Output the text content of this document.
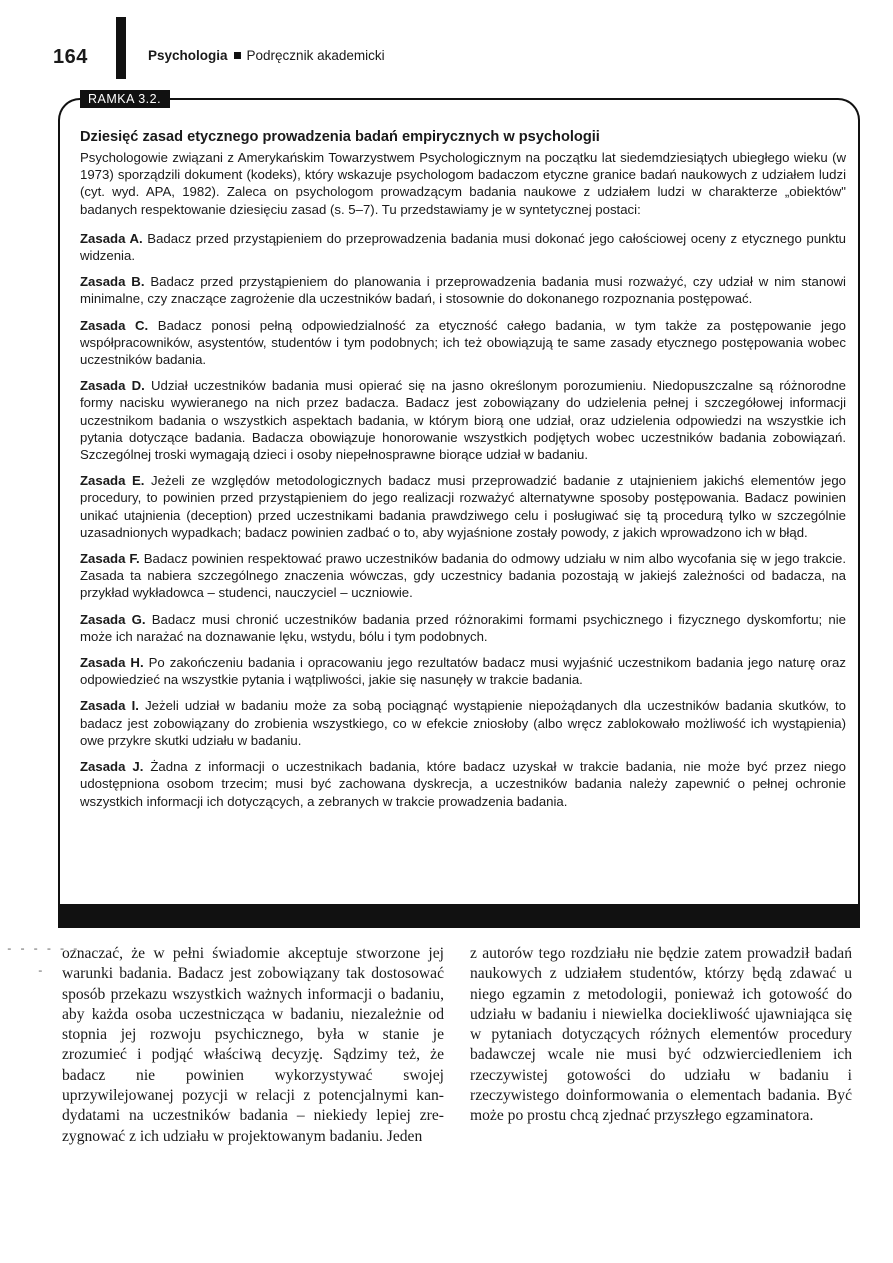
164	Psychologia Podręcznik akademicki
RAMKA 3.2.
Dziesięć zasad etycznego prowadzenia badań empirycznych w psychologii
Psychologowie związani z Amerykańskim Towarzystwem Psychologicznym na początku lat siedemdziesiątych ubiegłego wieku (w 1973) sporządzili dokument (kodeks), który wskazuje psychologom badaczom etyczne granice badań naukowych z udziałem ludzi (cyt. wyd. APA, 1982). Zaleca on psychologom prowadzącym badania naukowe z udziałem ludzi w charakterze „obiektów" badanych respektowanie dziesięciu zasad (s. 5–7). Tu przedstawiamy je w syntetycznej postaci:
Zasada A. Badacz przed przystąpieniem do przeprowadzenia badania musi dokonać jego całościowej oceny z etycznego punktu widzenia.
Zasada B. Badacz przed przystąpieniem do planowania i przeprowadzenia badania musi rozważyć, czy udział w nim stanowi minimalne, czy znaczące zagrożenie dla uczestników badań, i stosownie do dokonanego rozpoznania postępować.
Zasada C. Badacz ponosi pełną odpowiedzialność za etyczność całego badania, w tym także za postępowanie jego współpracowników, asystentów, studentów i tym podobnych; ich też obowiązują te same zasady etycznego postępowania wobec uczestników badania.
Zasada D. Udział uczestników badania musi opierać się na jasno określonym porozumieniu. Niedopuszczalne są różnorodne formy nacisku wywieranego na nich przez badacza. Badacz jest zobowiązany do udzielenia pełnej i szczegółowej informacji uczestnikom badania o wszystkich aspektach badania, w którym biorą one udział, oraz udzielenia odpowiedzi na wszystkie ich pytania dotyczące badania. Badacza obowiązuje honorowanie wszystkich podjętych wobec uczestników badania zobowiązań. Szczególnej troski wymagają dzieci i osoby niepełnosprawne biorące udział w badaniu.
Zasada E. Jeżeli ze względów metodologicznych badacz musi przeprowadzić badanie z utajnieniem jakichś elementów jego procedury, to powinien przed przystąpieniem do jego realizacji rozważyć alternatywne sposoby postępowania. Badacz powinien unikać utajnienia (deception) przed uczestnikami badania prawdziwego celu i posługiwać się tą procedurą tylko w szczególnie uzasadnionych wypadkach; badacz powinien zadbać o to, aby wyjaśnione zostały powody, z jakich wprowadzono ich w błąd.
Zasada F. Badacz powinien respektować prawo uczestników badania do odmowy udziału w nim albo wycofania się w jego trakcie. Zasada ta nabiera szczególnego znaczenia wówczas, gdy uczestnicy badania pozostają w jakiejś zależności od badacza, na przykład wykładowca – studenci, nauczyciel – uczniowie.
Zasada G. Badacz musi chronić uczestników badania przed różnorakimi formami psychicznego i fizycznego dyskomfortu; nie może ich narażać na doznawanie lęku, wstydu, bólu i tym podobnych.
Zasada H. Po zakończeniu badania i opracowaniu jego rezultatów badacz musi wyjaśnić uczestnikom badania jego naturę oraz odpowiedzieć na wszystkie pytania i wątpliwości, jakie się nasunęły w trakcie badania.
Zasada I. Jeżeli udział w badaniu może za sobą pociągnąć wystąpienie niepożądanych dla uczestników badania skutków, to badacz jest zobowiązany do zrobienia wszystkiego, co w efekcie zniosłoby (albo wręcz zablokowało możliwość ich wystąpienia) owe przykre skutki udziału w badaniu.
Zasada J. Żadna z informacji o uczestnikach badania, które badacz uzyskał w trakcie badania, nie może być przez niego udostępniona osobom trzecim; musi być zachowana dyskrecja, a uczestników badania należy zapewnić o pełnej ochronie wszystkich informacji ich dotyczących, a zebranych w trakcie prowadzenia badania.
- - - - - -
-
oznaczać, że w pełni świadomie akceptuje stworzone jej warunki badania. Badacz jest zobowiązany tak dostosować sposób przekazu wszystkich ważnych informacji o badaniu, aby każda osoba uczestnicząca w badaniu, niezależnie od stopnia jej rozwoju psychicznego, była w stanie je zrozumieć i podjąć właściwą decyzję. Sądzimy też, że badacz nie powinien wykorzystywać swojej uprzywilejowanej pozycji w relacji z potencjalnymi kandydatami na uczestników badania – niekiedy lepiej zrezygnować z ich udziału w projektowanym badaniu. Jeden
z autorów tego rozdziału nie będzie zatem prowadził badań naukowych z udziałem studentów, którzy będą zdawać u niego egzamin z metodologii, ponieważ ich gotowość do udziału w badaniu i niewielka dociekliwość ujawniająca się w pytaniach dotyczących różnych elementów procedury badawczej wcale nie musi być odzwierciedleniem ich rzeczywistej gotowości do udziału w badaniu i rzeczywistego doinformowania o elementach badania. Być może po prostu chcą zjednać przyszłego egzaminatora.
